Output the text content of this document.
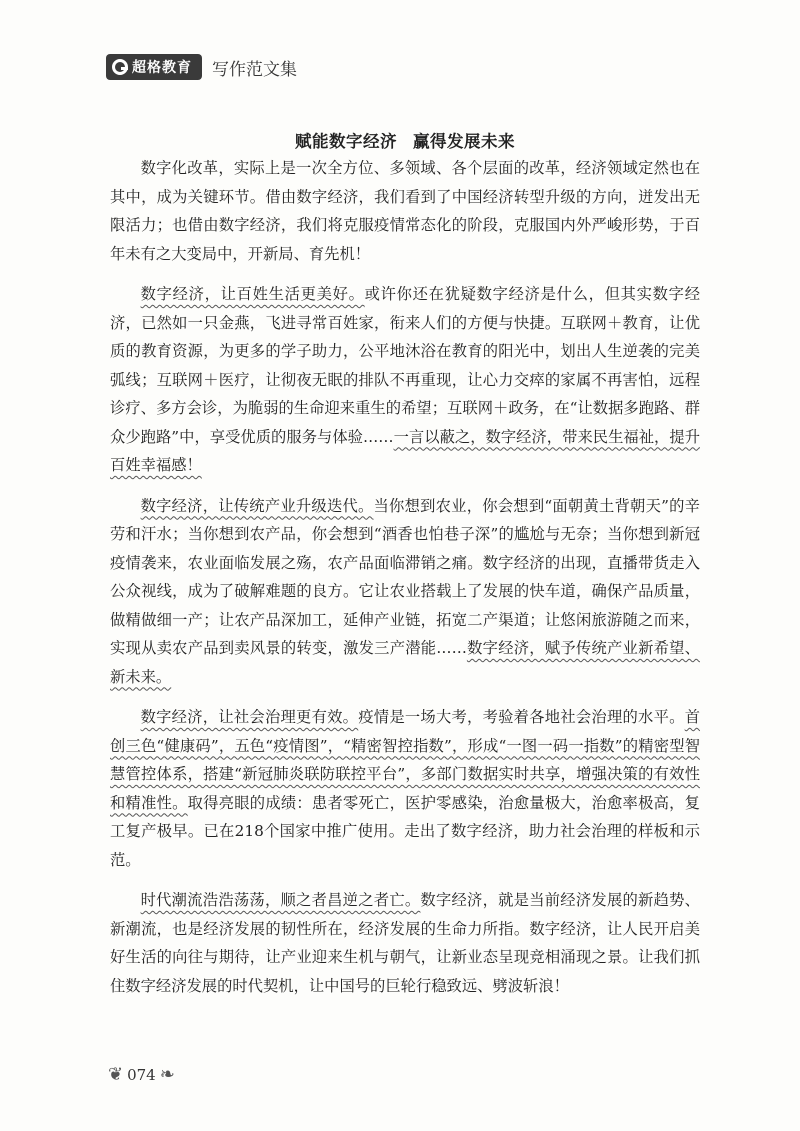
超格教育 写作范文集

赋能数字经济 赢得发展未来

数字化改革，实际上是一次全方位、多领域、各个层面的改革，经济领域定然也在其中，成为关键环节。借由数字经济，我们看到了中国经济转型升级的方向，迸发出无限活力；也借由数字经济，我们将克服疫情常态化的阶段，克服国内外严峻形势，于百年未有之大变局中，开新局、育先机！

数字经济，让百姓生活更美好。或许你还在犹疑数字经济是什么，但其实数字经济，已然如一只金燕，飞进寻常百姓家，衔来人们的方便与快捷。互联网＋教育，让优质的教育资源，为更多的学子助力，公平地沐浴在教育的阳光中，划出人生逆袭的完美弧线；互联网＋医疗，让彻夜无眠的排队不再重现，让心力交瘁的家属不再害怕，远程诊疗、多方会诊，为脆弱的生命迎来重生的希望；互联网＋政务，在“让数据多跑路、群众少跑路”中，享受优质的服务与体验……一言以蔽之，数字经济，带来民生福祉，提升百姓幸福感！

数字经济，让传统产业升级迭代。当你想到农业，你会想到“面朝黄土背朝天”的辛劳和汗水；当你想到农产品，你会想到“酒香也怕巷子深”的尴尬与无奈；当你想到新冠疫情袭来，农业面临发展之殇，农产品面临滞销之痛。数字经济的出现，直播带货走入公众视线，成为了破解难题的良方。它让农业搭载上了发展的快车道，确保产品质量，做精做细一产；让农产品深加工，延伸产业链，拓宽二产渠道；让悠闲旅游随之而来，实现从卖农产品到卖风景的转变，激发三产潜能……数字经济，赋予传统产业新希望、新未来。

数字经济，让社会治理更有效。疫情是一场大考，考验着各地社会治理的水平。首创三色“健康码”，五色“疫情图”，“精密智控指数”，形成“一图一码一指数”的精密型智慧管控体系，搭建“新冠肺炎联防联控平台”，多部门数据实时共享，增强决策的有效性和精准性。取得亮眼的成绩：患者零死亡，医护零感染，治愈量极大，治愈率极高，复工复产极早。已在218个国家中推广使用。走出了数字经济，助力社会治理的样板和示范。

时代潮流浩浩荡荡，顺之者昌逆之者亡。数字经济，就是当前经济发展的新趋势、新潮流，也是经济发展的韧性所在，经济发展的生命力所指。数字经济，让人民开启美好生活的向往与期待，让产业迎来生机与朝气，让新业态呈现竞相涌现之景。让我们抓住数字经济发展的时代契机，让中国号的巨轮行稳致远、劈波斩浪！

❦ 074 ❧
